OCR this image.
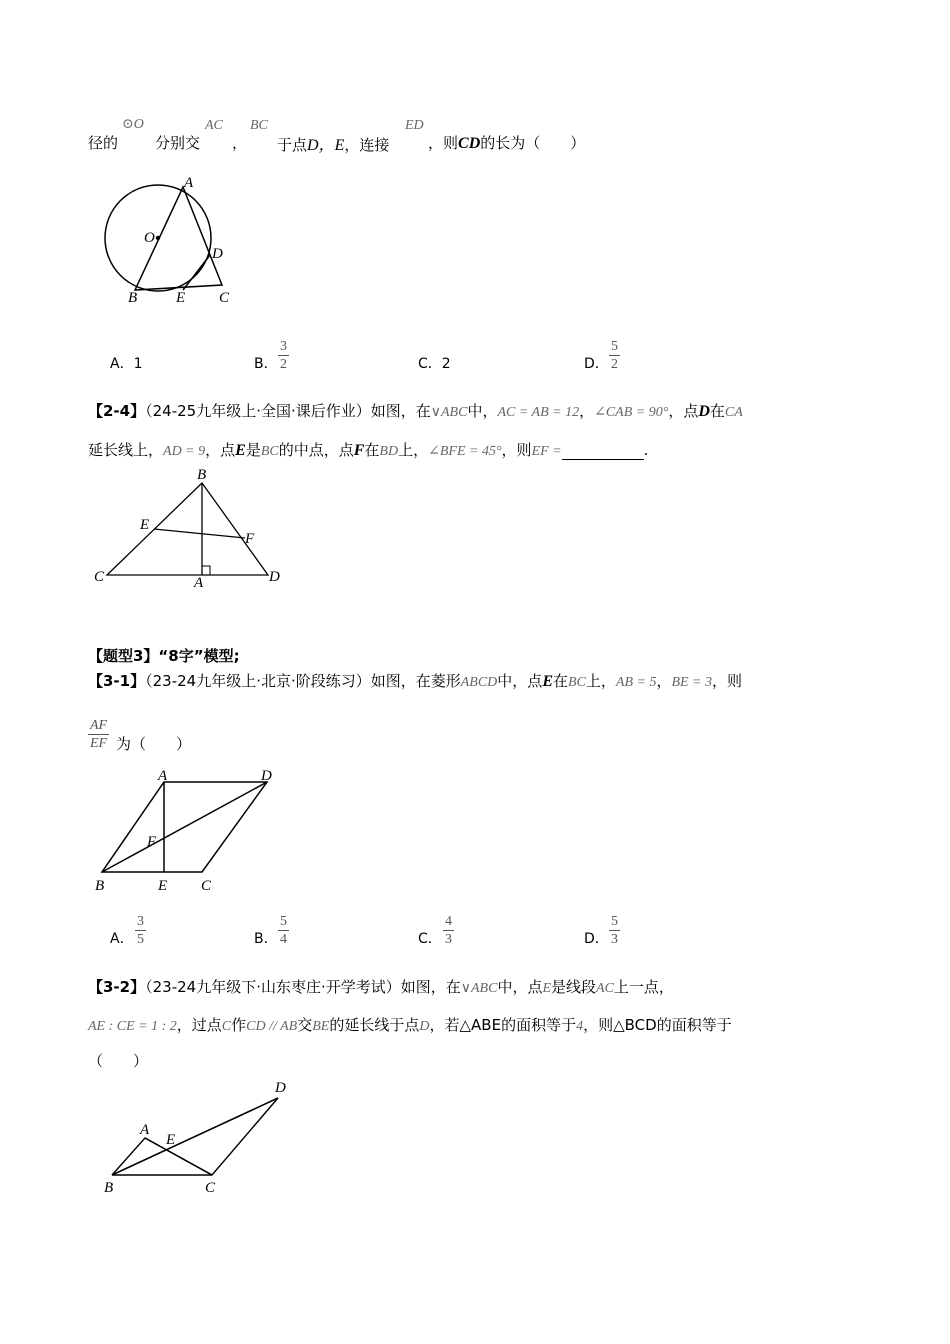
径的
⊙O
分别交
AC
，
BC
于点D，E，连接
ED
，则CD的长为（　　）
A
O
D
B	E C
A．1	B． $\frac{3}{2}$	C．2	D． $\frac{5}{2}$
【2-4】（24-25九年级上·全国·课后作业）如图，在∨ABC中，AC = AB = 12，∠CAB = 90°，点D在CA
延长线上，AD = 9，点E是BC的中点，点F在BD上，∠BFE = 45°，则EF =	.
B
E
F
C	A	D
【题型3】“8字”模型;
【3-1】（23-24九年级上·北京·阶段练习）如图，在菱形ABCD中，点E在BC上，AB = 5，BE = 3，则
$\frac{AF}{EF}$ 为（　　）
A	D
F
B	E C
A． $\frac{3}{5}$	B． $\frac{5}{4}$	C． $\frac{4}{3}$	D． $\frac{5}{3}$
【3-2】（23-24九年级下·山东枣庄·开学考试）如图，在∨ABC中，点E是线段AC上一点，
AE : CE = 1 : 2，过点C作CD // AB交BE的延长线于点D，若△ABE的面积等于4，则△BCD的面积等于
（　　）
D
A
E
B	C
